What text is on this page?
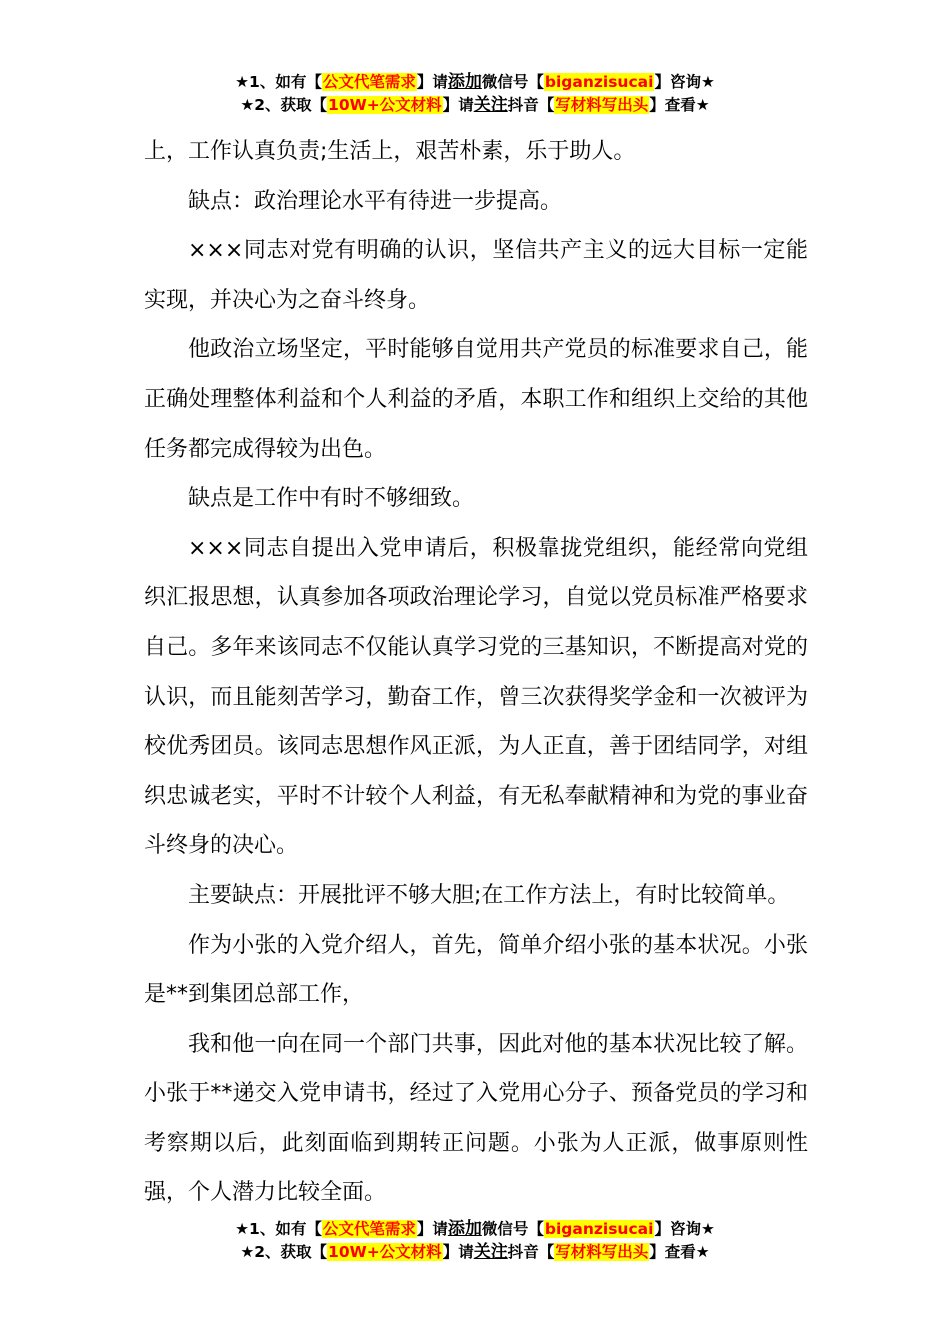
★1、如有【公文代笔需求】请添加微信号【biganzisucai】咨询★
★2、获取【10W+公文材料】请关注抖音【写材料写出头】查看★

上，工作认真负责;生活上，艰苦朴素，乐于助人。

缺点：政治理论水平有待进一步提高。

×××同志对党有明确的认识，坚信共产主义的远大目标一定能实现，并决心为之奋斗终身。

他政治立场坚定，平时能够自觉用共产党员的标准要求自己，能正确处理整体利益和个人利益的矛盾，本职工作和组织上交给的其他任务都完成得较为出色。

缺点是工作中有时不够细致。

×××同志自提出入党申请后，积极靠拢党组织，能经常向党组织汇报思想，认真参加各项政治理论学习，自觉以党员标准严格要求自己。多年来该同志不仅能认真学习党的三基知识，不断提高对党的认识，而且能刻苦学习，勤奋工作，曾三次获得奖学金和一次被评为校优秀团员。该同志思想作风正派，为人正直，善于团结同学，对组织忠诚老实，平时不计较个人利益，有无私奉献精神和为党的事业奋斗终身的决心。

主要缺点：开展批评不够大胆;在工作方法上，有时比较简单。

作为小张的入党介绍人，首先，简单介绍小张的基本状况。小张是**到集团总部工作，

我和他一向在同一个部门共事，因此对他的基本状况比较了解。小张于**递交入党申请书，经过了入党用心分子、预备党员的学习和考察期以后，此刻面临到期转正问题。小张为人正派，做事原则性强，个人潜力比较全面。

★1、如有【公文代笔需求】请添加微信号【biganzisucai】咨询★
★2、获取【10W+公文材料】请关注抖音【写材料写出头】查看★
